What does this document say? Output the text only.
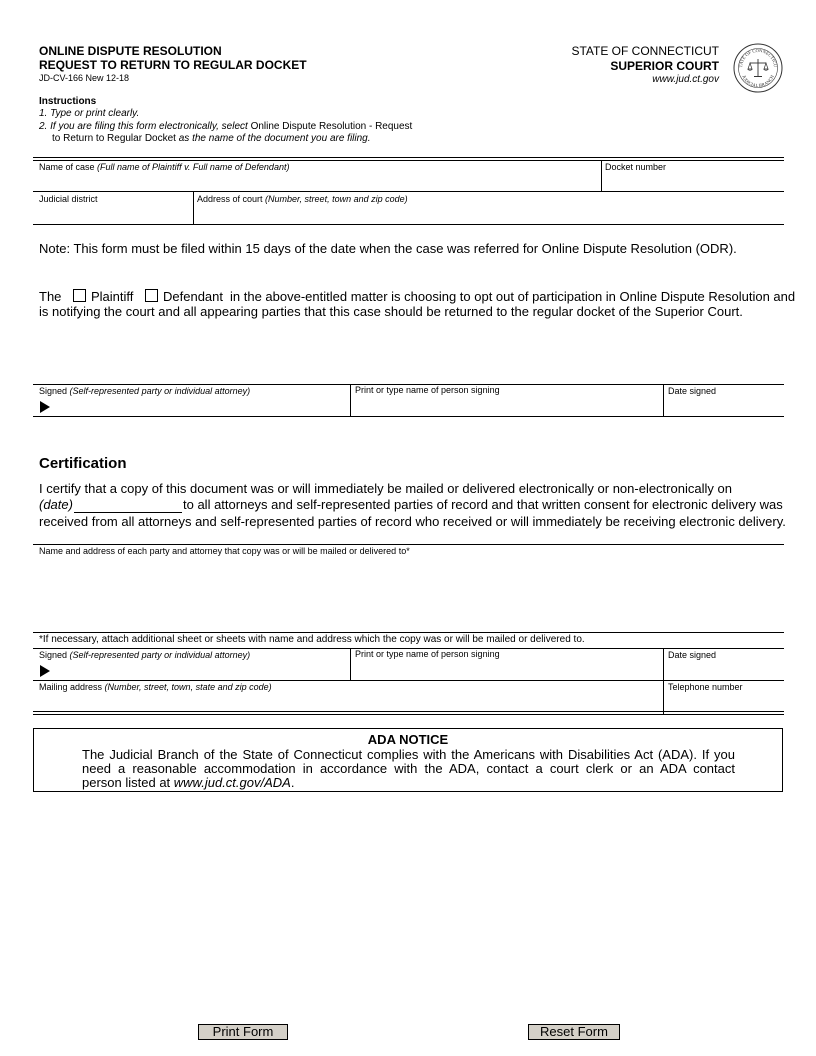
ONLINE DISPUTE RESOLUTION
REQUEST TO RETURN TO REGULAR DOCKET
JD-CV-166 New 12-18
STATE OF CONNECTICUT
SUPERIOR COURT
www.jud.ct.gov
TATE OF CONNECTICU
JUDICIAL BRANCH
Instructions
1. Type or print clearly.
2. If you are filing this form electronically, select Online Dispute Resolution - Request
to Return to Regular Docket as the name of the document you are filing.
Name of case (Full name of Plaintiff v. Full name of Defendant)	Docket number
Judicial district	Address of court (Number, street, town and zip code)
Note: This form must be filed within 15 days of the date when the case was referred for Online Dispute Resolution (ODR).
The Plaintiff Defendant in the above-entitled matter is choosing to opt out of participation in Online Dispute Resolution and
is notifying the court and all appearing parties that this case should be returned to the regular docket of the Superior Court.
Signed (Self-represented party or individual attorney)	Print or type name of person signing	Date signed
Certification
I certify that a copy of this document was or will immediately be mailed or delivered electronically or non-electronically on
(date)	to all attorneys and self-represented parties of record and that written consent for electronic delivery was
received from all attorneys and self-represented parties of record who received or will immediately be receiving electronic delivery.
Name and address of each party and attorney that copy was or will be mailed or delivered to*
*If necessary, attach additional sheet or sheets with name and address which the copy was or will be mailed or delivered to.
Signed (Self-represented party or individual attorney)	Print or type name of person signing	Date signed
Mailing address (Number, street, town, state and zip code)	Telephone number
ADA NOTICE
The Judicial Branch of the State of Connecticut complies with the Americans with Disabilities Act (ADA). If you
need a reasonable accommodation in accordance with the ADA, contact a court clerk or an ADA contact
person listed at www.jud.ct.gov/ADA.
Print Form	Reset Form
